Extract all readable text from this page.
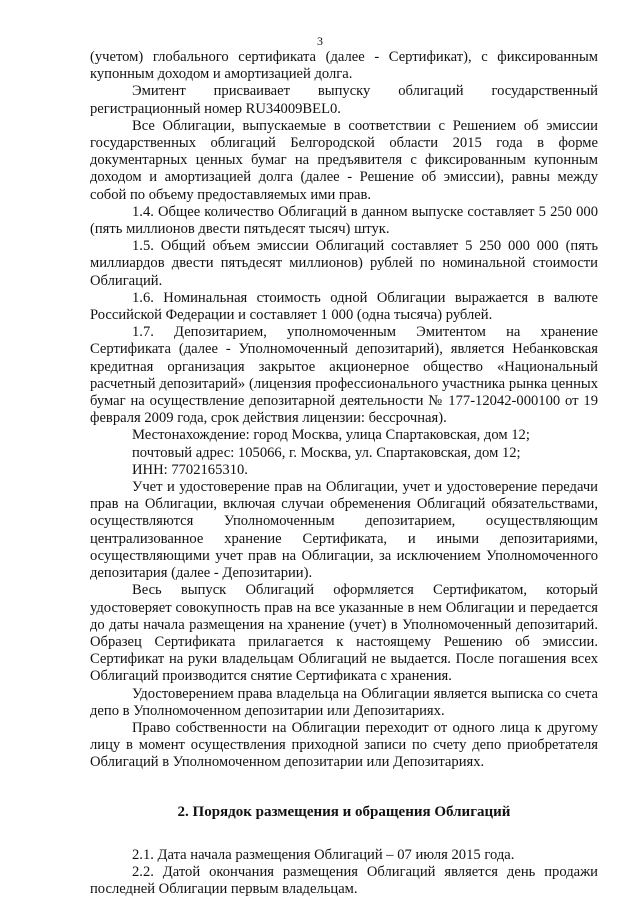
3

(учетом) глобального сертификата (далее - Сертификат), с фиксированным купонным доходом и амортизацией долга.

Эмитент присваивает выпуску облигаций государственный регистрационный номер RU34009BEL0.

Все Облигации, выпускаемые в соответствии с Решением об эмиссии государственных облигаций Белгородской области 2015 года в форме документарных ценных бумаг на предъявителя с фиксированным купонным доходом и амортизацией долга (далее - Решение об эмиссии), равны между собой по объему предоставляемых ими прав.

1.4. Общее количество Облигаций в данном выпуске составляет 5 250 000 (пять миллионов двести пятьдесят тысяч) штук.

1.5. Общий объем эмиссии Облигаций составляет 5 250 000 000 (пять миллиардов двести пятьдесят миллионов) рублей по номинальной стоимости Облигаций.

1.6. Номинальная стоимость одной Облигации выражается в валюте Российской Федерации и составляет 1 000 (одна тысяча) рублей.

1.7. Депозитарием, уполномоченным Эмитентом на хранение Сертификата (далее - Уполномоченный депозитарий), является Небанковская кредитная организация закрытое акционерное общество «Национальный расчетный депозитарий» (лицензия профессионального участника рынка ценных бумаг на осуществление депозитарной деятельности № 177-12042-000100 от 19 февраля 2009 года, срок действия лицензии: бессрочная).

Местонахождение: город Москва, улица Спартаковская, дом 12;

почтовый адрес: 105066, г. Москва, ул. Спартаковская, дом 12;

ИНН: 7702165310.

Учет и удостоверение прав на Облигации, учет и удостоверение передачи прав на Облигации, включая случаи обременения Облигаций обязательствами, осуществляются Уполномоченным депозитарием, осуществляющим централизованное хранение Сертификата, и иными депозитариями, осуществляющими учет прав на Облигации, за исключением Уполномоченного депозитария (далее - Депозитарии).

Весь выпуск Облигаций оформляется Сертификатом, который удостоверяет совокупность прав на все указанные в нем Облигации и передается до даты начала размещения на хранение (учет) в Уполномоченный депозитарий. Образец Сертификата прилагается к настоящему Решению об эмиссии. Сертификат на руки владельцам Облигаций не выдается. После погашения всех Облигаций производится снятие Сертификата с хранения.

Удостоверением права владельца на Облигации является выписка со счета депо в Уполномоченном депозитарии или Депозитариях.

Право собственности на Облигации переходит от одного лица к другому лицу в момент осуществления приходной записи по счету депо приобретателя Облигаций в Уполномоченном депозитарии или Депозитариях.

2. Порядок размещения и обращения Облигаций

2.1. Дата начала размещения Облигаций – 07 июля 2015 года.

2.2. Датой окончания размещения Облигаций является день продажи последней Облигации первым владельцам.
